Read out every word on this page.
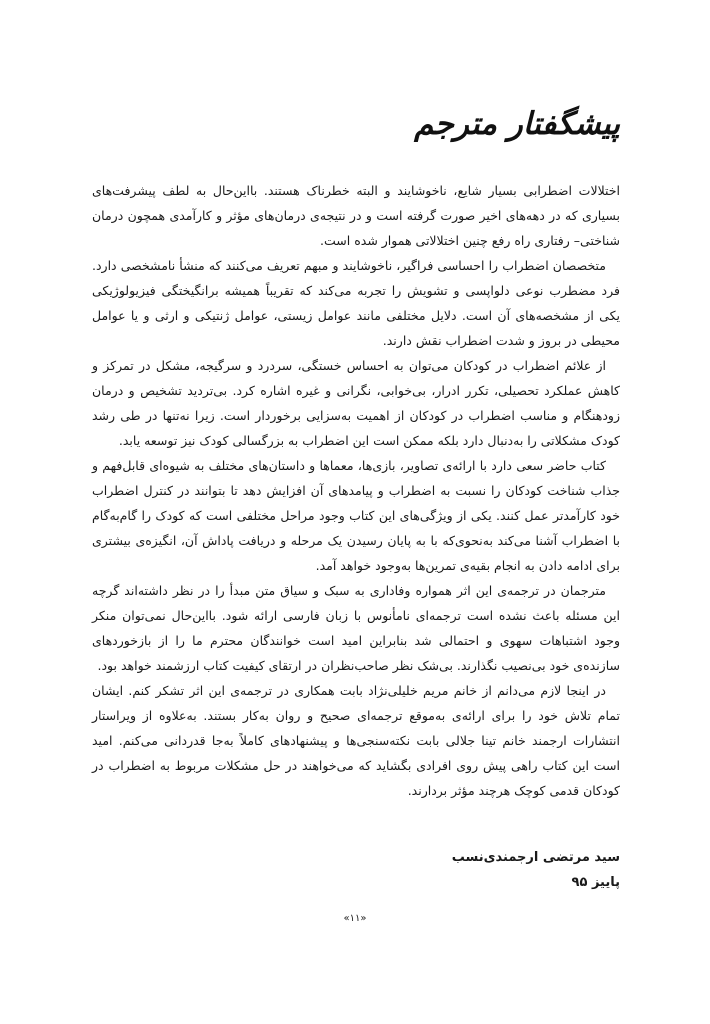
پیشگفتار مترجم

اختلالات اضطرابی بسیار شایع، ناخوشایند و البته خطرناک هستند. بااین‌حال به لطف پیشرفت‌های بسیاری که در دهه‌های اخیر صورت گرفته است و در نتیجه‌ی درمان‌های مؤثر و کارآمدی همچون درمان شناختی– رفتاری راه رفع چنین اختلالاتی هموار شده است.

متخصصان اضطراب را احساسی فراگیر، ناخوشایند و مبهم تعریف می‌کنند که منشأ نامشخصی دارد. فرد مضطرب نوعی دلواپسی و تشویش را تجربه می‌کند که تقریباً همیشه برانگیختگی فیزیولوژیکی یکی از مشخصه‌های آن است. دلایل مختلفی مانند عوامل زیستی، عوامل ژنتیکی و ارثی و یا عوامل محیطی در بروز و شدت اضطراب نقش دارند.

از علائم اضطراب در کودکان می‌توان به احساس خستگی، سردرد و سرگیجه، مشکل در تمرکز و کاهش عملکرد تحصیلی، تکرر ادرار، بی‌خوابی، نگرانی و غیره اشاره کرد. بی‌تردید تشخیص و درمان زودهنگام و مناسب اضطراب در کودکان از اهمیت به‌سزایی برخوردار است. زیرا نه‌تنها در طی رشد کودک مشکلاتی را به‌دنبال دارد بلکه ممکن است این اضطراب به بزرگسالی کودک نیز توسعه یابد.

کتاب حاضر سعی دارد با ارائه‌ی تصاویر، بازی‌ها، معماها و داستان‌های مختلف به شیوه‌ای قابل‌فهم و جذاب شناخت کودکان را نسبت به اضطراب و پیامدهای آن افزایش دهد تا بتوانند در کنترل اضطراب خود کارآمدتر عمل کنند. یکی از ویژگی‌های این کتاب وجود مراحل مختلفی است که کودک را گام‌به‌گام با اضطراب آشنا می‌کند به‌نحوی‌که با به پایان رسیدن یک مرحله و دریافت پاداش آن، انگیزه‌ی بیشتری برای ادامه دادن به انجام بقیه‌ی تمرین‌ها به‌وجود خواهد آمد.

مترجمان در ترجمه‌ی این اثر همواره وفاداری به سبک و سیاق متن مبدأ را در نظر داشته‌اند گرچه این مسئله باعث نشده است ترجمه‌ای نامأنوس با زبان فارسی ارائه شود. بااین‌حال نمی‌توان منکر وجود اشتباهات سهوی و احتمالی شد بنابراین امید است خوانندگان محترم ما را از بازخوردهای سازنده‌ی خود بی‌نصیب نگذارند. بی‌شک نظر صاحب‌نظران در ارتقای کیفیت کتاب ارزشمند خواهد بود.

در اینجا لازم می‌دانم از خانم مریم خلیلی‌نژاد بابت همکاری در ترجمه‌ی این اثر تشکر کنم. ایشان تمام تلاش خود را برای ارائه‌ی به‌موقع ترجمه‌ای صحیح و روان به‌کار بستند. به‌علاوه از ویراستار انتشارات ارجمند خانم تینا جلالی بابت نکته‌سنجی‌ها و پیشنهادهای کاملاً به‌جا قدردانی می‌کنم. امید است این کتاب راهی پیش روی افرادی بگشاید که می‌خواهند در حل مشکلات مربوط به اضطراب در کودکان قدمی کوچک هرچند مؤثر بردارند.

سید مرتضی ارجمندی‌نسب
پاییز ۹۵
«۱۱»
